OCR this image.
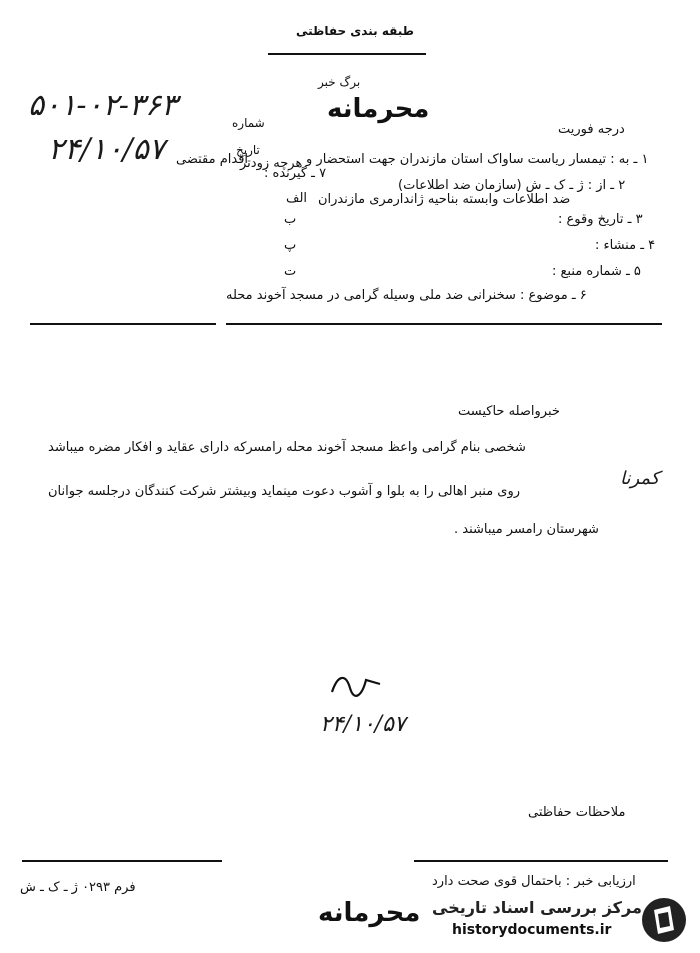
طبقه بندی حفاظتی
برگ خبر
محرمانه
۵۰۱-۰۲-۳۶۳	شماره
۲۴/۱۰/۵۷	تاریخ
درجه فوریت
هرچه زودتر
اقدام مقتضی	۱ ـ به : تیمسار ریاست ساواک استان مازندران جهت استحضار و
۷ ـ گیرنده :
۲ ـ از : ژ ـ ک ـ ش (سازمان ضد اطلاعات)
ضد اطلاعات وابسته بناحیه ژاندارمری مازندران
الف
۳ ـ تاریخ وقوع :
ب
۴ ـ منشاء :
پ
۵ ـ شماره منبع :
ت
۶ ـ موضوع : سخنرانی ضد ملی وسیله گرامی در مسجد آخوند محله
خبرواصله حاکیست
شخصی بنام گرامی واعظ مسجد آخوند محله رامسرکه دارای عقاید و افکار مضره میباشد
روی منبر اهالی را به بلوا و آشوب دعوت مینماید وبیشتر شرکت کنندگان درجلسه جوانان
کمرنا
شهرستان رامسر میباشند .
۲۴/۱۰/۵۷
ملاحظات حفاظتی
ارزیابی خبر : باحتمال قوی صحت دارد
فرم ۰۲۹۳ ژ ـ ک ـ ش
محرمانه مرکز بررسی اسناد تاریخی
historydocuments.ir
